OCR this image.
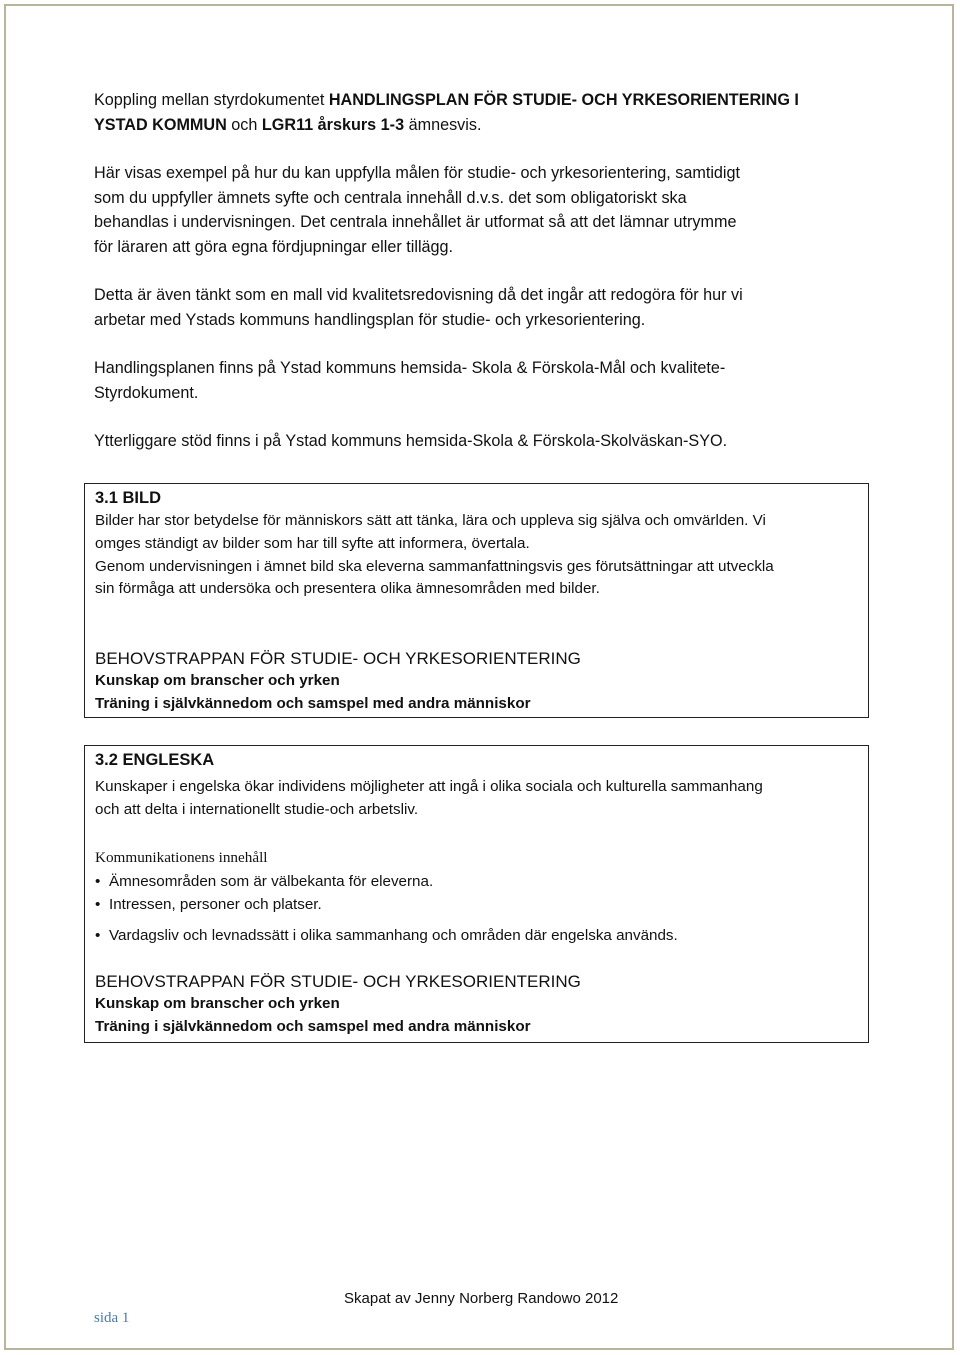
Koppling mellan styrdokumentet HANDLINGSPLAN FÖR STUDIE- OCH YRKESORIENTERING I
YSTAD KOMMUN och LGR11 årskurs 1-3 ämnesvis.

Här visas exempel på hur du kan uppfylla målen för studie- och yrkesorientering, samtidigt
som du uppfyller ämnets syfte och centrala innehåll d.v.s. det som obligatoriskt ska
behandlas i undervisningen. Det centrala innehållet är utformat så att det lämnar utrymme
för läraren att göra egna fördjupningar eller tillägg.

Detta är även tänkt som en mall vid kvalitetsredovisning då det ingår att redogöra för hur vi
arbetar med Ystads kommuns handlingsplan för studie- och yrkesorientering.

Handlingsplanen finns på Ystad kommuns hemsida- Skola & Förskola-Mål och kvalitete-
Styrdokument.

Ytterliggare stöd finns i på Ystad kommuns hemsida-Skola & Förskola-Skolväskan-SYO.

3.1 BILD

Bilder har stor betydelse för människors sätt att tänka, lära och uppleva sig själva och omvärlden. Vi

omges ständigt av bilder som har till syfte att informera, övertala.

Genom undervisningen i ämnet bild ska eleverna sammanfattningsvis ges förutsättningar att utveckla

sin förmåga att undersöka och presentera olika ämnesområden med bilder.

BEHOVSTRAPPAN FÖR STUDIE- OCH YRKESORIENTERING

Kunskap om branscher och yrken

Träning i självkännedom och samspel med andra människor

3.2 ENGLESKA

Kunskaper i engelska ökar individens möjligheter att ingå i olika sociala och kulturella sammanhang

och att delta i internationellt studie-och arbetsliv.

Kommunikationens innehåll

• Ämnesområden som är välbekanta för eleverna.

• Intressen, personer och platser.

• Vardagsliv och levnadssätt i olika sammanhang och områden där engelska används.

BEHOVSTRAPPAN FÖR STUDIE- OCH YRKESORIENTERING

Kunskap om branscher och yrken

Träning i självkännedom och samspel med andra människor

Skapat av Jenny Norberg Randowo 2012
sida 1
